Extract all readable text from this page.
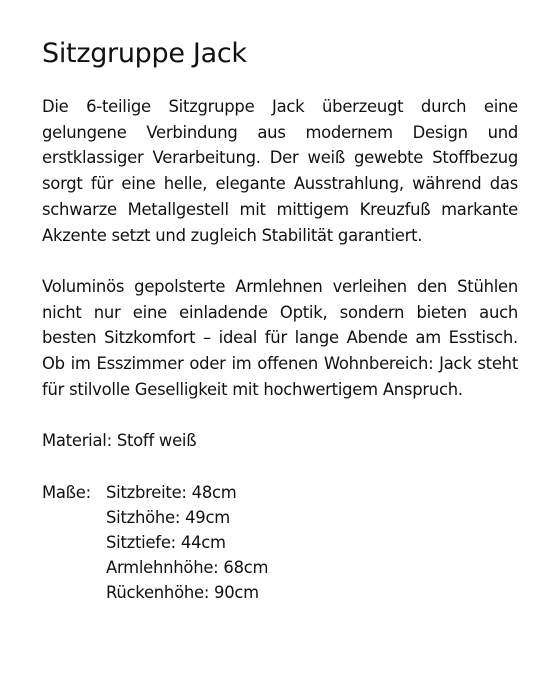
Sitzgruppe Jack

Die 6-teilige Sitzgruppe Jack überzeugt durch eine gelungene Verbindung aus modernem Design und erstklassiger Verarbeitung. Der weiß gewebte Stoffbezug sorgt für eine helle, elegante Ausstrahlung, während das schwarze Metallgestell mit mittigem Kreuzfuß markante Akzente setzt und zugleich Stabilität garantiert.

Voluminös gepolsterte Armlehnen verleihen den Stühlen nicht nur eine einladende Optik, sondern bieten auch besten Sitzkomfort – ideal für lange Abende am Esstisch. Ob im Esszimmer oder im offenen Wohnbereich: Jack steht für stilvolle Geselligkeit mit hochwertigem Anspruch.

Material: Stoff weiß
Maße: Sitzbreite: 48cm
Sitzhöhe: 49cm
Sitztiefe: 44cm
Armlehnhöhe: 68cm
Rückenhöhe: 90cm
